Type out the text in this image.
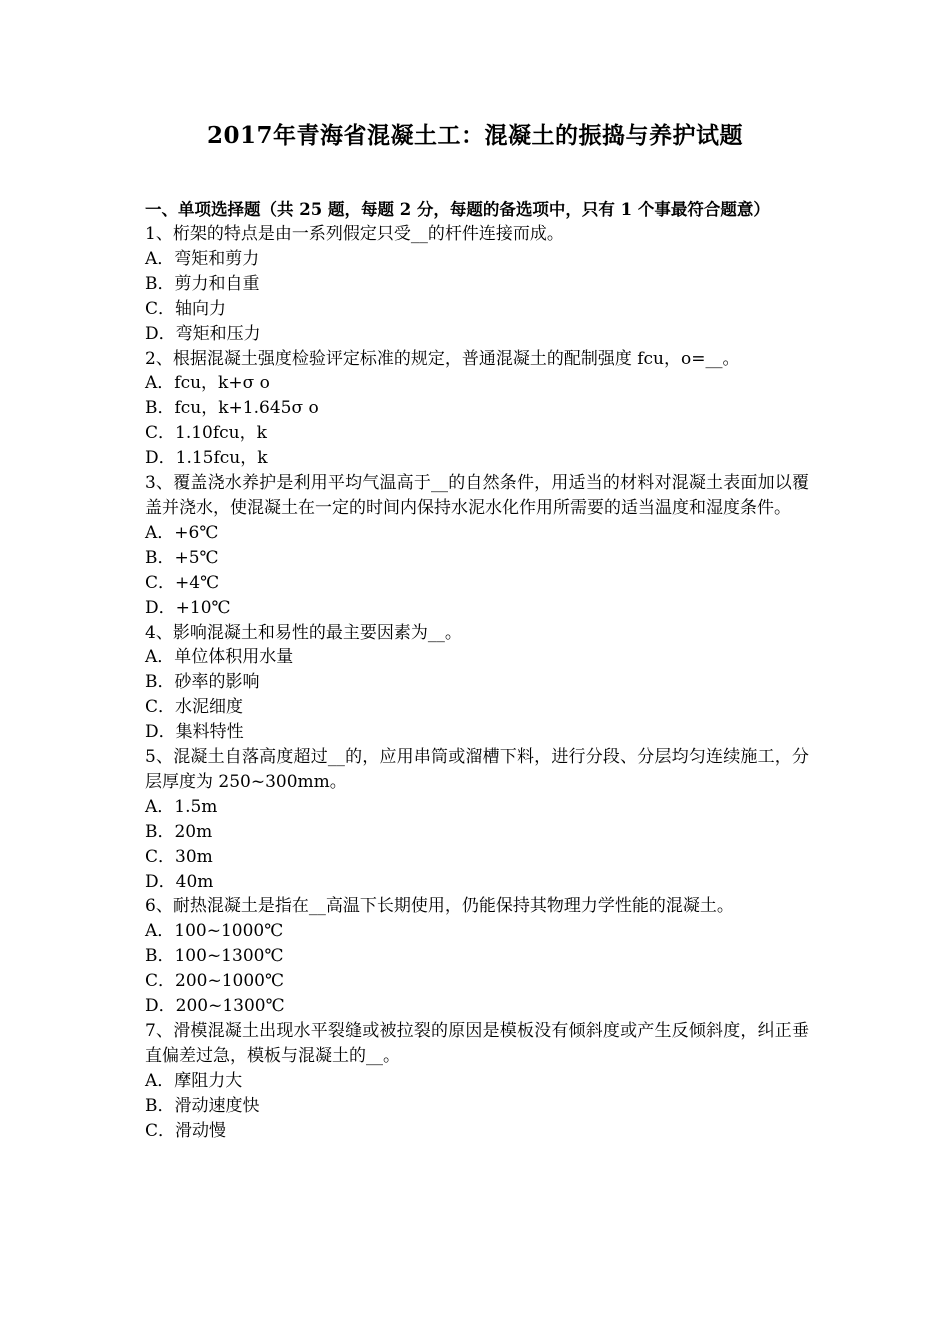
2017年青海省混凝土工：混凝土的振捣与养护试题
一、单项选择题（共 25 题，每题 2 分，每题的备选项中，只有 1 个事最符合题意）
1、桁架的特点是由一系列假定只受__的杆件连接而成。
A．弯矩和剪力
B．剪力和自重
C．轴向力
D．弯矩和压力
2、根据混凝土强度检验评定标准的规定，普通混凝土的配制强度 fcu，o=__。
A．fcu，k+σ o
B．fcu，k+1.645σ o
C．1.10fcu，k
D．1.15fcu，k
3、覆盖浇水养护是利用平均气温高于__的自然条件，用适当的材料对混凝土表面加以覆盖并浇水，使混凝土在一定的时间内保持水泥水化作用所需要的适当温度和湿度条件。
A．+6℃
B．+5℃
C．+4℃
D．+10℃
4、影响混凝土和易性的最主要因素为__。
A．单位体积用水量
B．砂率的影响
C．水泥细度
D．集料特性
5、混凝土自落高度超过__的，应用串筒或溜槽下料，进行分段、分层均匀连续施工，分层厚度为 250~300mm。
A．1.5m
B．20m
C．30m
D．40m
6、耐热混凝土是指在__高温下长期使用，仍能保持其物理力学性能的混凝土。
A．100~1000℃
B．100~1300℃
C．200~1000℃
D．200~1300℃
7、滑模混凝土出现水平裂缝或被拉裂的原因是模板没有倾斜度或产生反倾斜度，纠正垂直偏差过急，模板与混凝土的__。
A．摩阻力大
B．滑动速度快
C．滑动慢
